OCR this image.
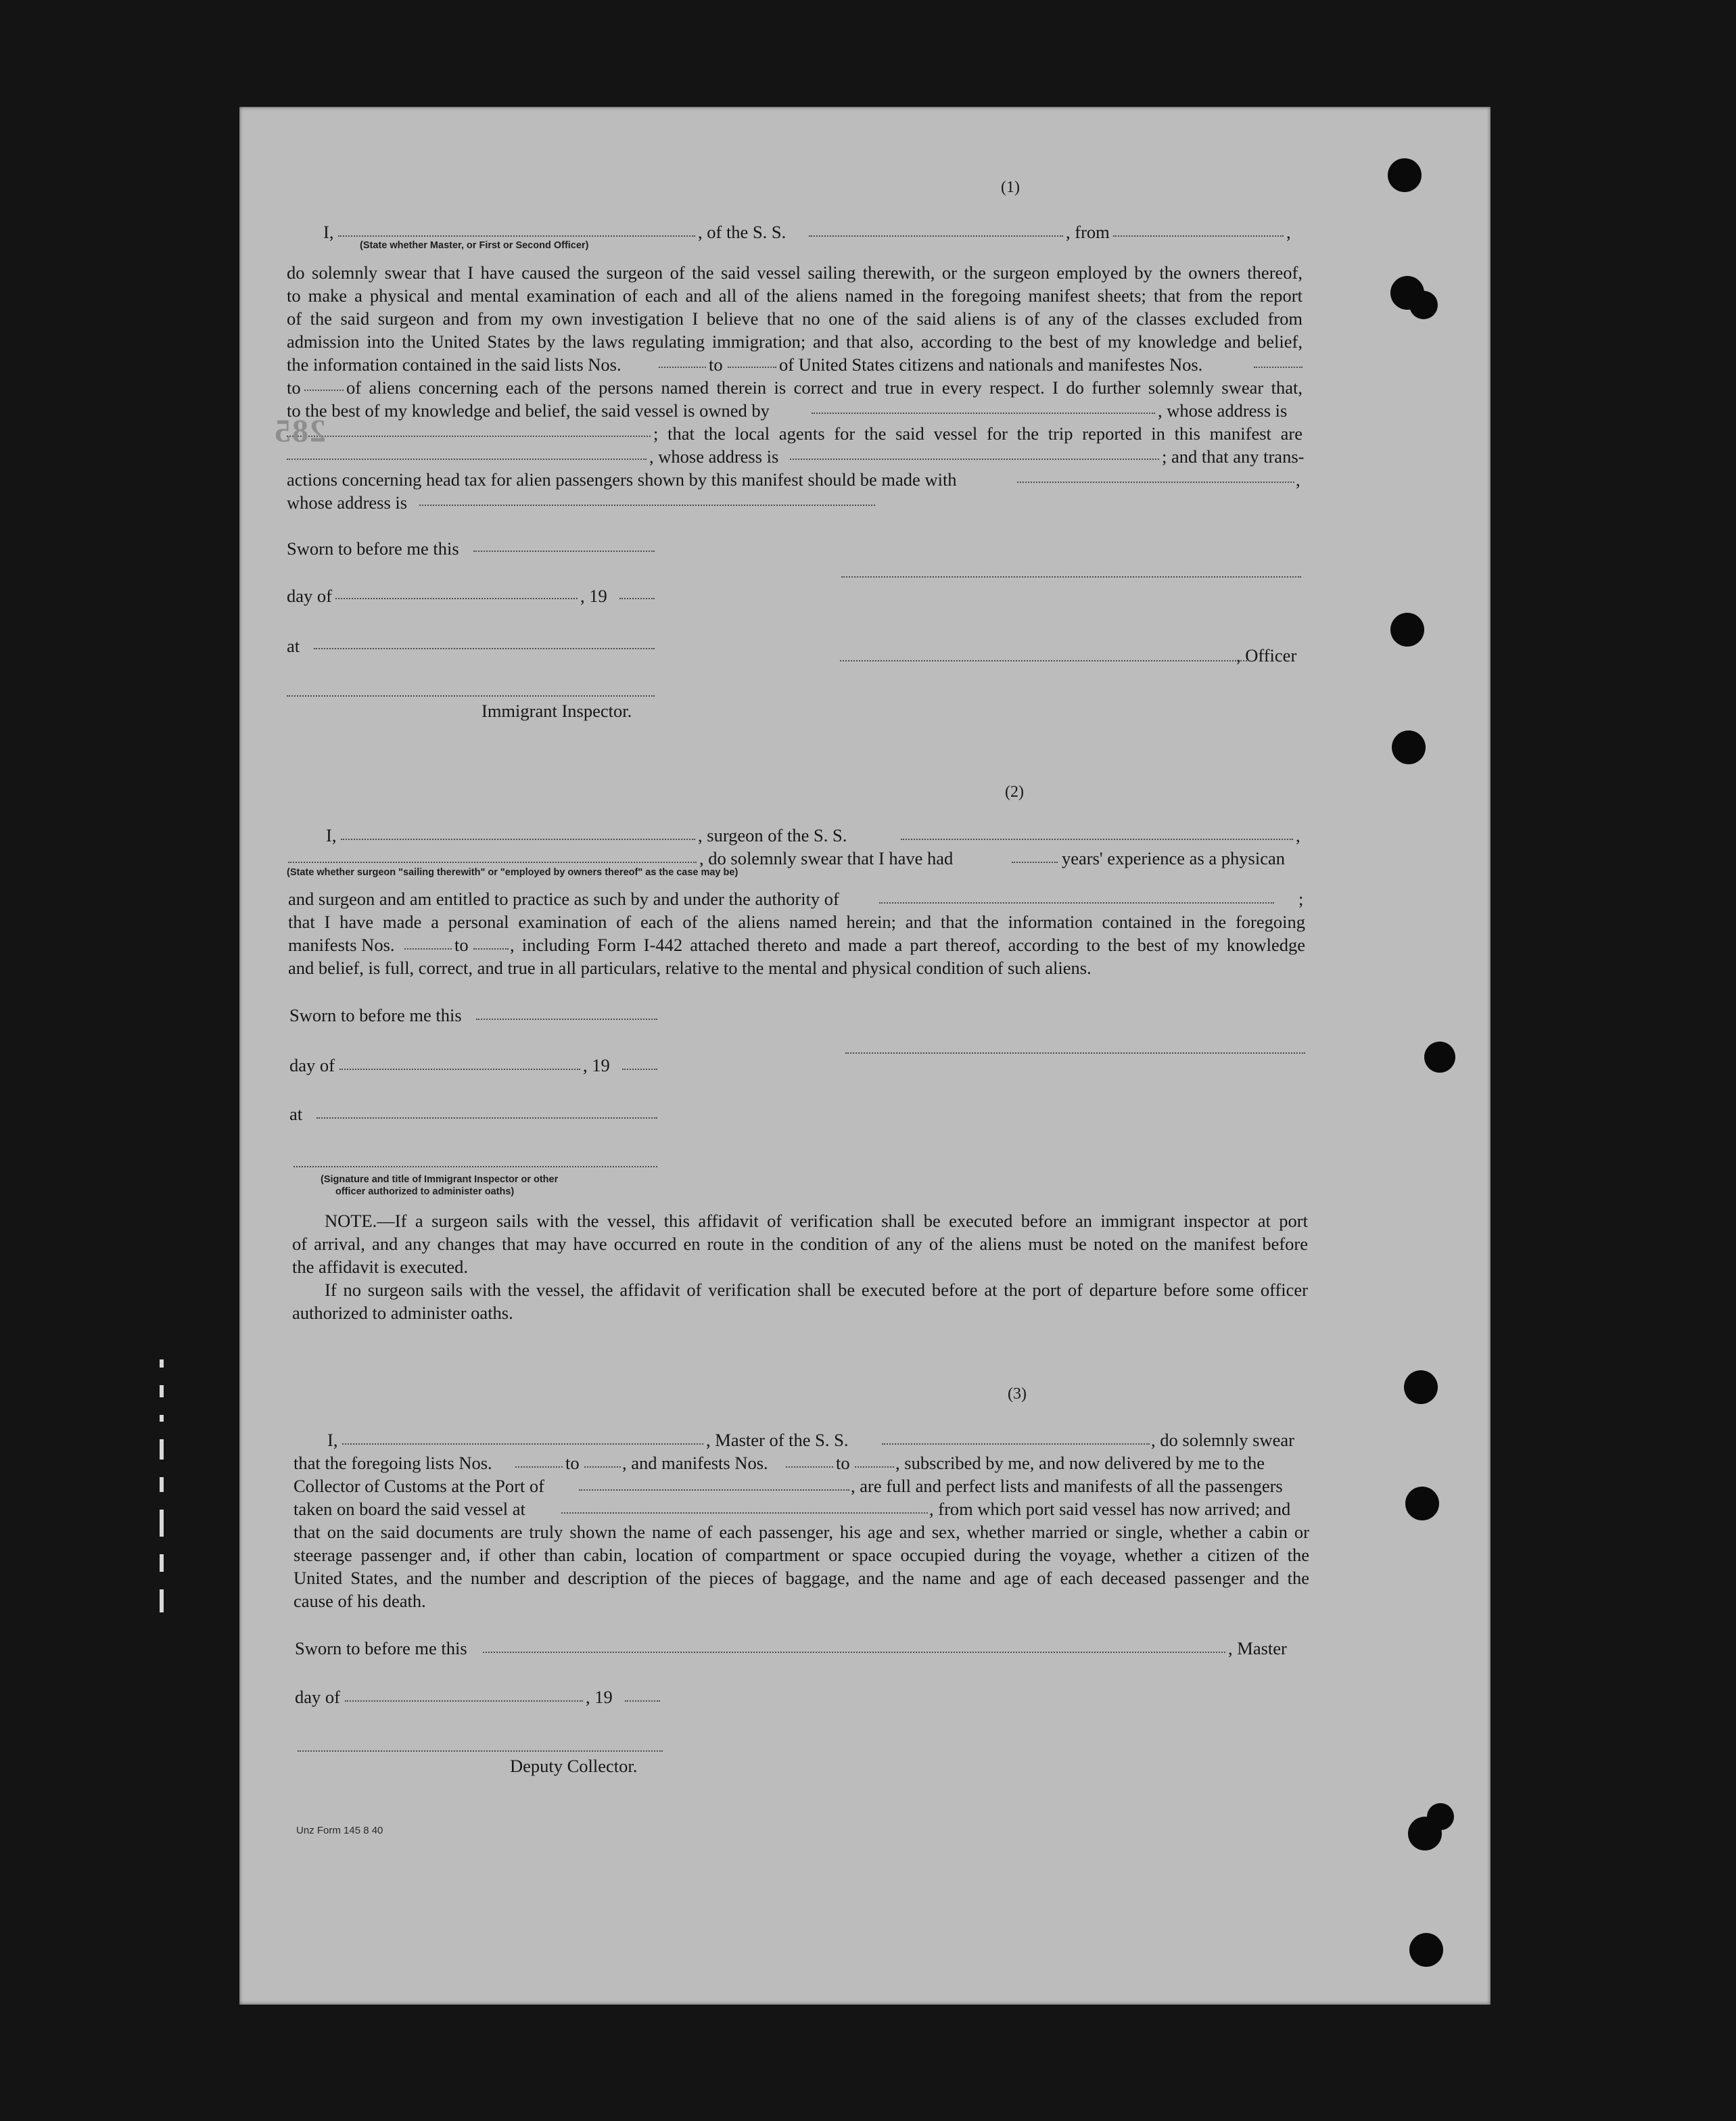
(1)
I,	, of the S. S.	, from	,
(State whether Master, or First or Second Officer)
do solemnly swear that I have caused the surgeon of the said vessel sailing therewith, or the surgeon employed by the owners thereof,
to make a physical and mental examination of each and all of the aliens named in the foregoing manifest sheets; that from the report
of the said surgeon and from my own investigation I believe that no one of the said aliens is of any of the classes excluded from
admission into the United States by the laws regulating immigration; and that also, according to the best of my knowledge and belief,
the information contained in the said lists Nos.	to	of United States citizens and nationals and manifestes Nos.
to	of aliens concerning each of the persons named therein is correct and true in every respect. I do further solemnly swear that,
to the best of my knowledge and belief, the said vessel is owned by	, whose address is
; that the local agents for the said vessel for the trip reported in this manifest are
, whose address is	; and that any trans-
actions concerning head tax for alien passengers shown by this manifest should be made with	,
whose address is
Sworn to before me this
day of	, 19
at	, Officer
Immigrant Inspector.
285
(2)
I,	, surgeon of the S. S.	,
, do solemnly swear that I have had	years' experience as a physican
(State whether surgeon "sailing therewith" or "employed by owners thereof" as the case may be)
and surgeon and am entitled to practice as such by and under the authority of	;
that I have made a personal examination of each of the aliens named herein; and that the information contained in the foregoing
manifests Nos.	to , including Form I-442 attached thereto and made a part thereof, according to the best of my knowledge
and belief, is full, correct, and true in all particulars, relative to the mental and physical condition of such aliens.
Sworn to before me this
day of	, 19
at
(Signature and title of Immigrant Inspector or other
officer authorized to administer oaths)
NOTE.—If a surgeon sails with the vessel, this affidavit of verification shall be executed before an immigrant inspector at port
of arrival, and any changes that may have occurred en route in the condition of any of the aliens must be noted on the manifest before
the affidavit is executed.
If no surgeon sails with the vessel, the affidavit of verification shall be executed before at the port of departure before some officer
authorized to administer oaths.
(3)
I,	, Master of the S. S.	, do solemnly swear
that the foregoing lists Nos.	to , and manifests Nos.	to	, subscribed by me, and now delivered by me to the
Collector of Customs at the Port of	, are full and perfect lists and manifests of all the passengers
taken on board the said vessel at	, from which port said vessel has now arrived; and
that on the said documents are truly shown the name of each passenger, his age and sex, whether married or single, whether a cabin or
steerage passenger and, if other than cabin, location of compartment or space occupied during the voyage, whether a citizen of the
United States, and the number and description of the pieces of baggage, and the name and age of each deceased passenger and the
cause of his death.
Sworn to before me this	, Master
day of	, 19
Deputy Collector.
Unz Form 145 8 40
